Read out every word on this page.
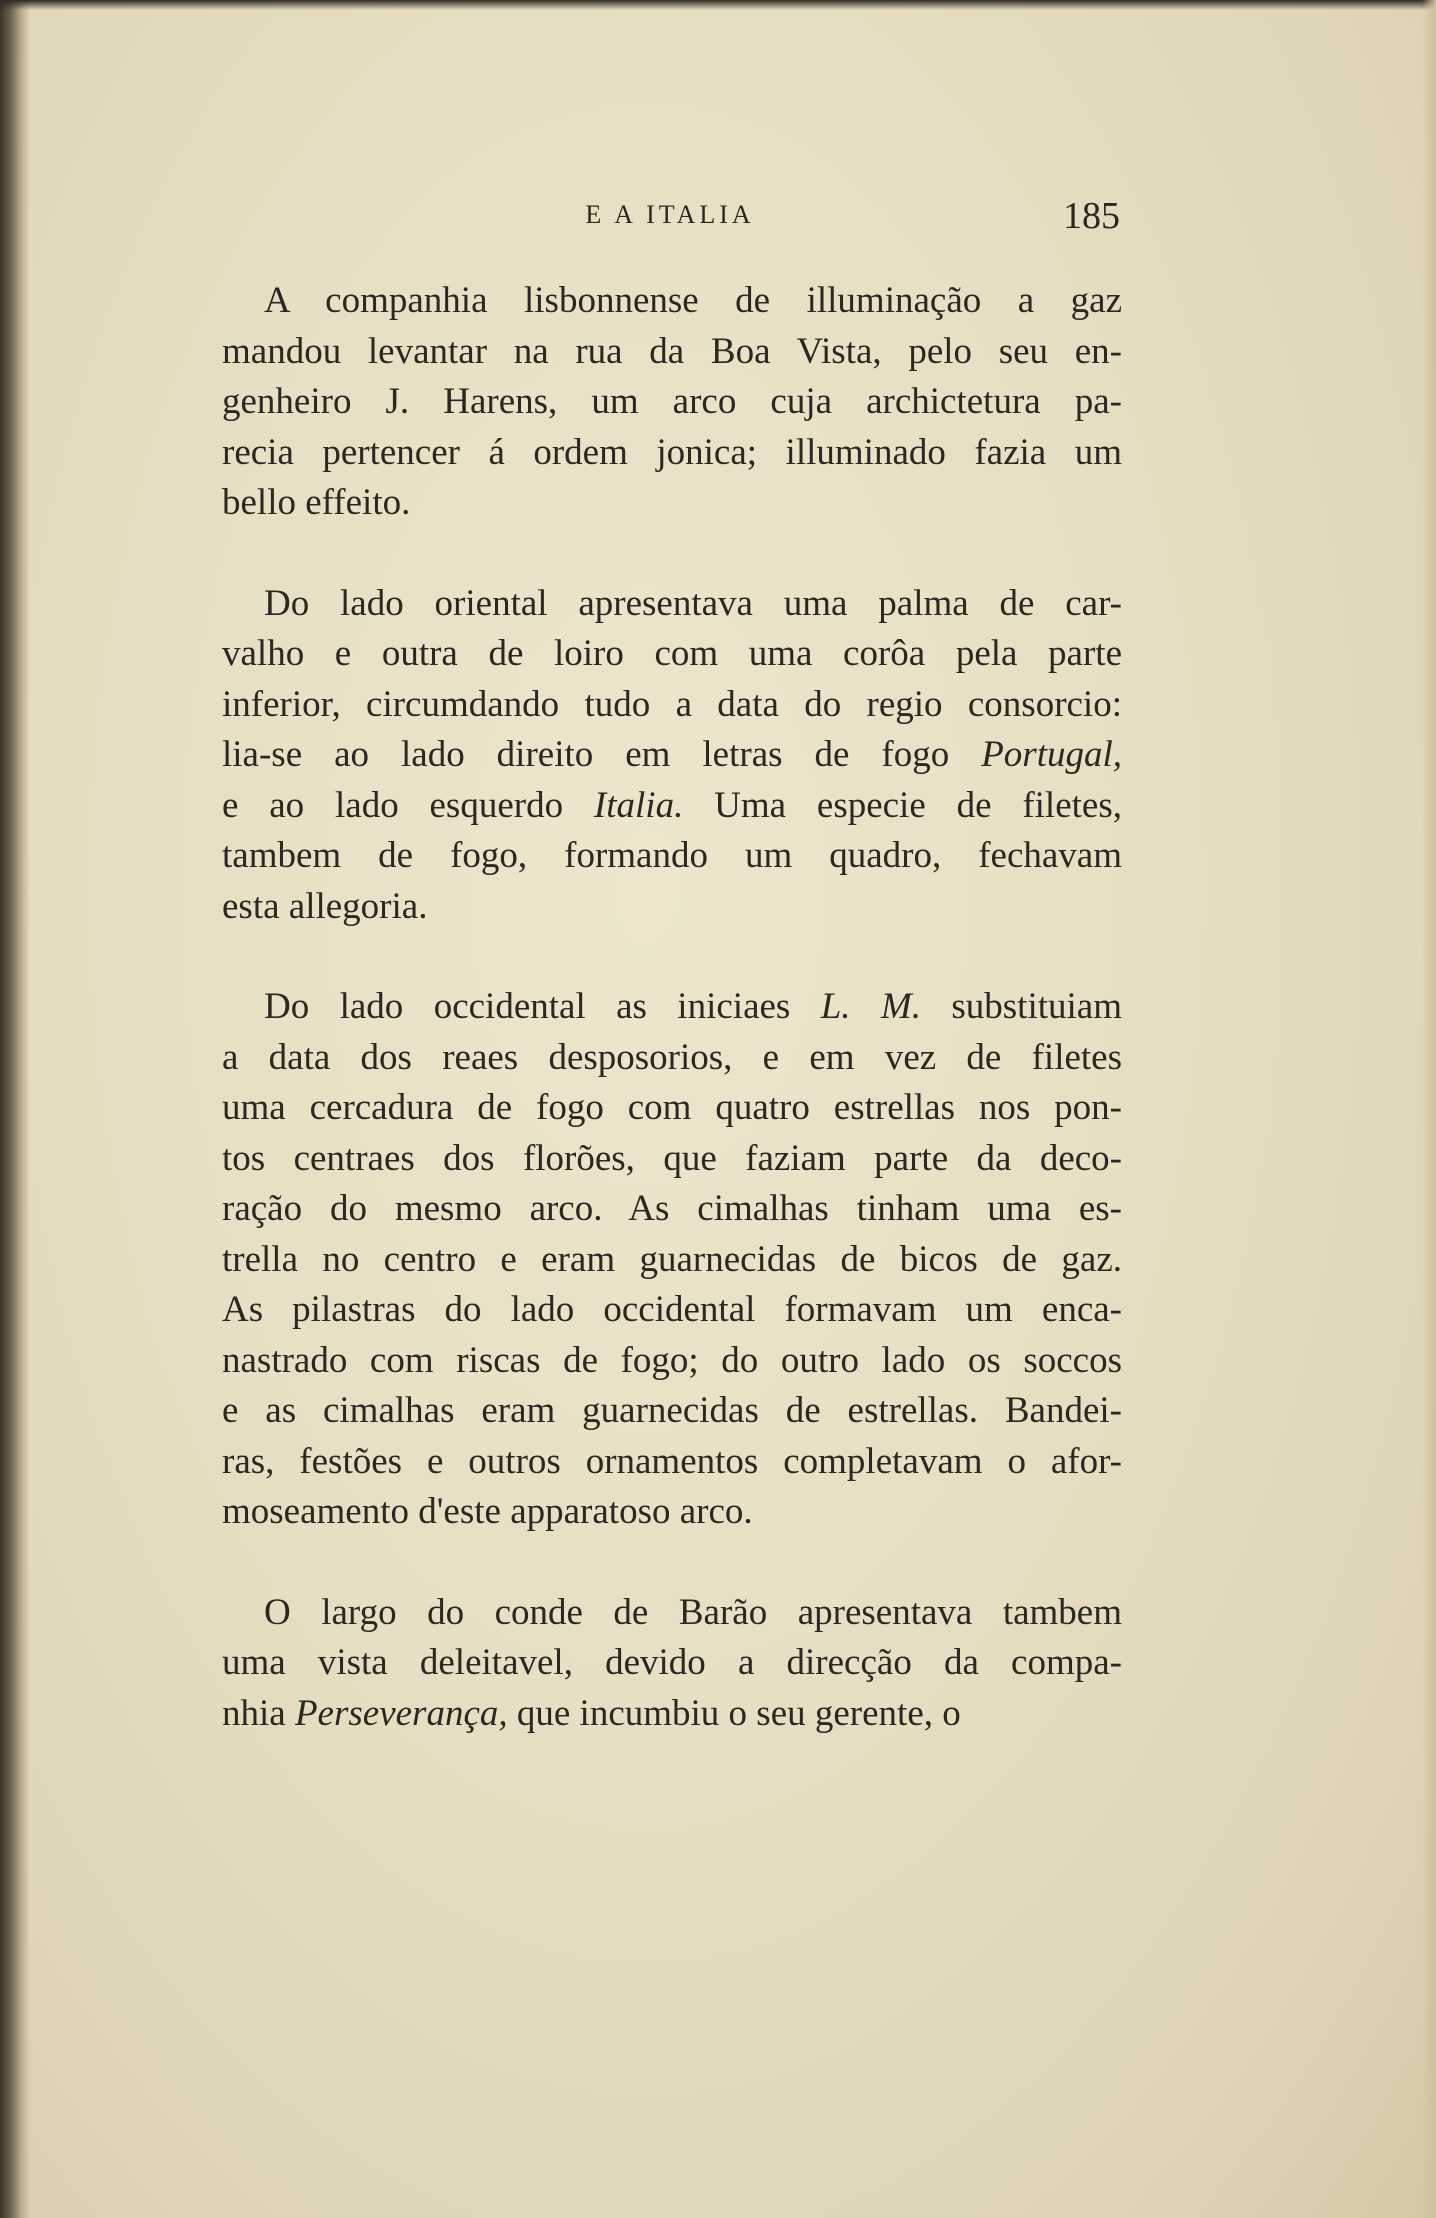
E A ITALIA	185
A companhia lisbonnense de illuminação a gaz
mandou levantar na rua da Boa Vista, pelo seu en-
genheiro J. Harens, um arco cuja archictetura pa-
recia pertencer á ordem jonica; illuminado fazia um
bello effeito.
Do lado oriental apresentava uma palma de car-
valho e outra de loiro com uma corôa pela parte
inferior, circumdando tudo a data do regio consorcio:
lia-se ao lado direito em letras de fogo Portugal,
e ao lado esquerdo Italia. Uma especie de filetes,
tambem de fogo, formando um quadro, fechavam
esta allegoria.
Do lado occidental as iniciaes L. M. substituiam
a data dos reaes desposorios, e em vez de filetes
uma cercadura de fogo com quatro estrellas nos pon-
tos centraes dos florões, que faziam parte da deco-
ração do mesmo arco. As cimalhas tinham uma es-
trella no centro e eram guarnecidas de bicos de gaz.
As pilastras do lado occidental formavam um enca-
nastrado com riscas de fogo; do outro lado os soccos
e as cimalhas eram guarnecidas de estrellas. Bandei-
ras, festões e outros ornamentos completavam o afor-
moseamento d'este apparatoso arco.
O largo do conde de Barão apresentava tambem
uma vista deleitavel, devido a direcção da compa-
nhia Perseverança, que incumbiu o seu gerente, o
